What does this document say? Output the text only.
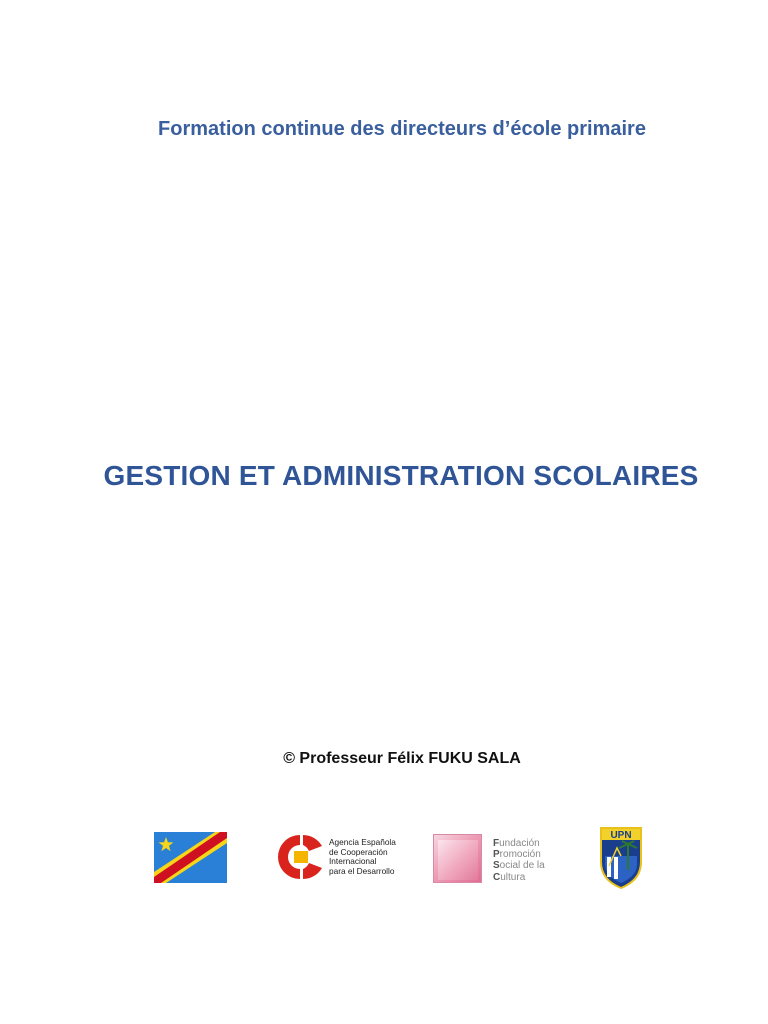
Formation continue des directeurs d’école primaire

GESTION ET ADMINISTRATION SCOLAIRES

© Professeur Félix FUKU SALA

Agencia Española
de Cooperación
Internacional
para el Desarrollo
Fundación
Promoción
Social de la
Cultura
UPN
